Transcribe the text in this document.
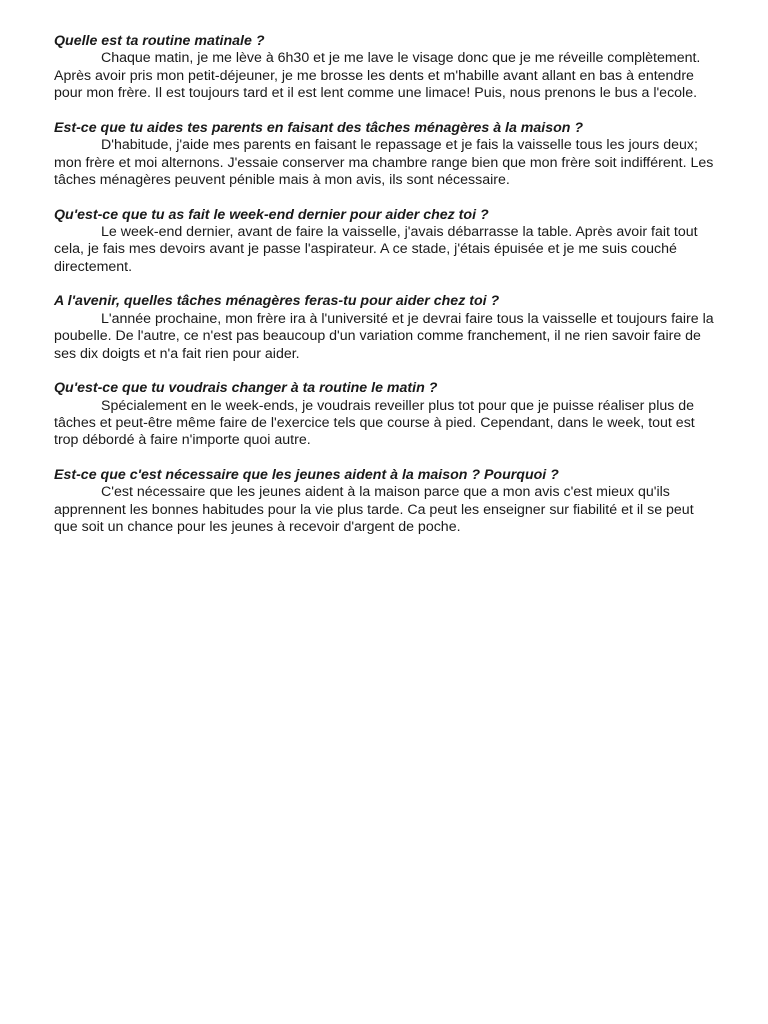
Quelle est ta routine matinale ?

Chaque matin, je me lève à 6h30 et je me lave le visage donc que je me réveille complètement. Après avoir pris mon petit-déjeuner, je me brosse les dents et m'habille avant allant en bas à entendre pour mon frère. Il est toujours tard et il est lent comme une limace! Puis, nous prenons le bus a l'ecole.

Est-ce que tu aides tes parents en faisant des tâches ménagères à la maison ?

D'habitude, j'aide mes parents en faisant le repassage et je fais la vaisselle tous les jours deux; mon frère et moi alternons. J'essaie conserver ma chambre range bien que mon frère soit indifférent. Les tâches ménagères peuvent pénible mais à mon avis, ils sont nécessaire.

Qu'est-ce que tu as fait le week-end dernier pour aider chez toi ?

Le week-end dernier, avant de faire la vaisselle, j'avais débarrasse la table. Après avoir fait tout cela, je fais mes devoirs avant je passe l'aspirateur. A ce stade, j'étais épuisée et je me suis couché directement.

A l'avenir, quelles tâches ménagères feras-tu pour aider chez toi ?

L'année prochaine, mon frère ira à l'université et je devrai faire tous la vaisselle et toujours faire la poubelle. De l'autre, ce n'est pas beaucoup d'un variation comme franchement, il ne rien savoir faire de ses dix doigts et n'a fait rien pour aider.

Qu'est-ce que tu voudrais changer à ta routine le matin ?

Spécialement en le week-ends, je voudrais reveiller plus tot pour que je puisse réaliser plus de tâches et peut-être même faire de l'exercice tels que course à pied. Cependant, dans le week, tout est trop débordé à faire n'importe quoi autre.

Est-ce que c'est nécessaire que les jeunes aident à la maison ? Pourquoi ?

C'est nécessaire que les jeunes aident à la maison parce que a mon avis c'est mieux qu'ils apprennent les bonnes habitudes pour la vie plus tarde. Ca peut les enseigner sur fiabilité et il se peut que soit un chance pour les jeunes à recevoir d'argent de poche.
